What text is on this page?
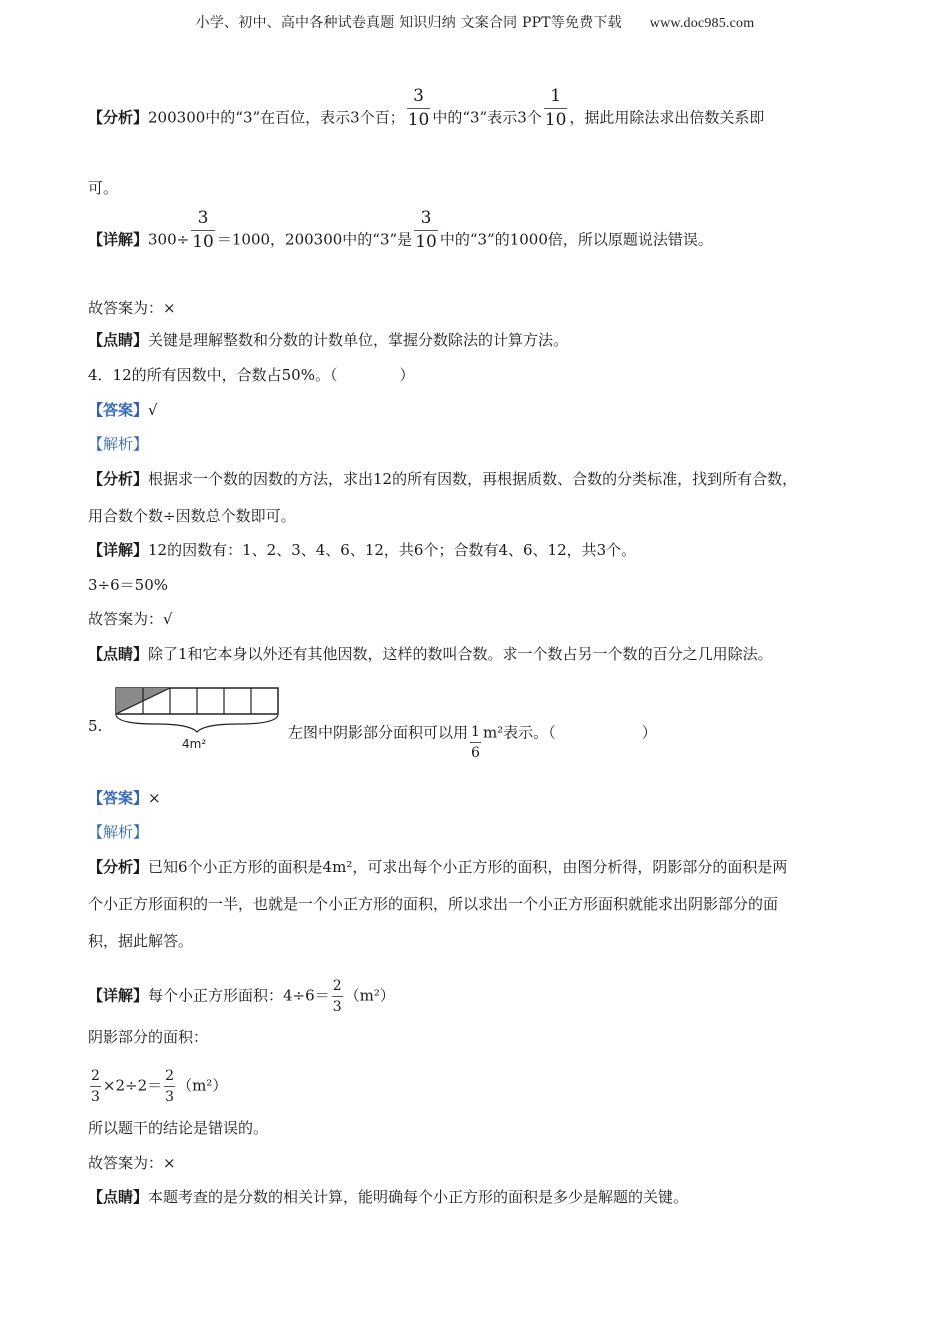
小学、初中、高中各种试卷真题 知识归纳 文案合同 PPT等免费下载 www.doc985.com
【分析】200300中的“3”在百位，表示3个百； $\frac{3}{10}$ 中的“3”表示3个 $\frac{1}{10}$ ，据此用除法求出倍数关系即
可。
【详解】$300\div \frac{3}{10} =1000$，200300中的“3”是 $\frac{3}{10}$ 中的“3”的1000倍，所以原题说法错误。
故答案为：×
【点睛】关键是理解整数和分数的计数单位，掌握分数除法的计算方法。
4．12的所有因数中，合数占50%。（	）
【答案】√
【解析】
【分析】根据求一个数的因数的方法，求出12的所有因数，再根据质数、合数的分类标准，找到所有合数，
用合数个数÷因数总个数即可。
【详解】12的因数有：1、2、3、4、6、12，共6个；合数有4、6、12，共3个。
3÷6＝50%
故答案为：√
【点睛】除了1和它本身以外还有其他因数，这样的数叫合数。求一个数占另一个数的百分之几用除法。
4m²
5.	左图中阴影部分面积可以用 $\frac{1}{6} m^2$表示。（	）
【答案】×
【解析】
【分析】已知6个小正方形的面积是4m²，可求出每个小正方形的面积，由图分析得，阴影部分的面积是两
个小正方形面积的一半，也就是一个小正方形的面积，所以求出一个小正方形面积就能求出阴影部分的面
积，据此解答。
【详解】每个小正方形面积：$4\div 6= \frac{2}{3} (m^2)$
阴影部分的面积：
$\frac{2}{3} \times 2\div 2= \frac{2}{3} (m^2)$
所以题干的结论是错误的。
故答案为：×
【点睛】本题考查的是分数的相关计算，能明确每个小正方形的面积是多少是解题的关键。
